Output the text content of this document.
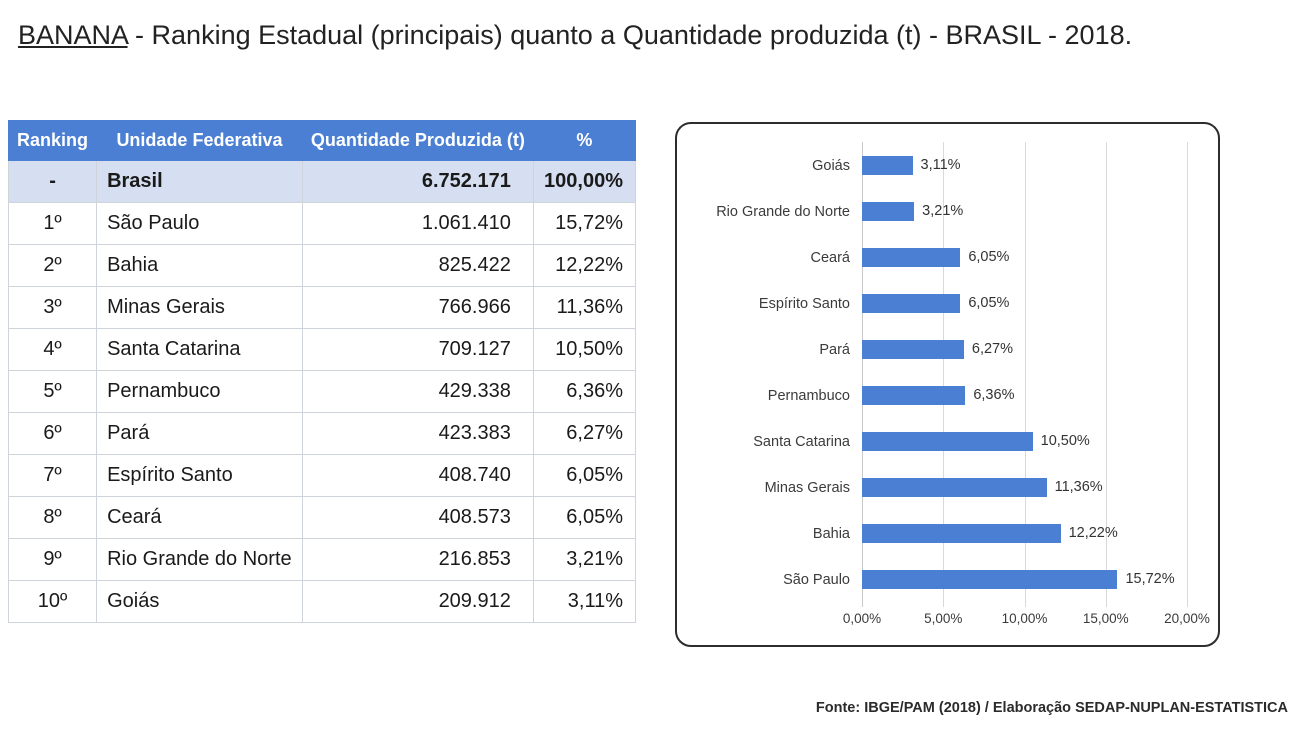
BANANA - Ranking Estadual (principais) quanto a Quantidade produzida (t) - BRASIL - 2018.
Ranking	Unidade Federativa	Quantidade Produzida (t)	%
-	Brasil	6.752.171	100,00%
1º	São Paulo	1.061.410	15,72%
2º	Bahia	825.422	12,22%
3º	Minas Gerais	766.966	11,36%
4º	Santa Catarina	709.127	10,50%
5º	Pernambuco	429.338	6,36%
6º	Pará	423.383	6,27%
7º	Espírito Santo	408.740	6,05%
8º	Ceará	408.573	6,05%
9º	Rio Grande do Norte	216.853	3,21%
10º	Goiás	209.912	3,11%
0,00%	5,00%	10,00%	15,00%	20,00%
Goiás	3,11%
Rio Grande do Norte	3,21%
Ceará	6,05%
Espírito Santo	6,05%
Pará	6,27%
Pernambuco	6,36%
Santa Catarina	10,50%
Minas Gerais	11,36%
Bahia	12,22%
São Paulo	15,72%
Fonte: IBGE/PAM (2018) / Elaboração SEDAP-NUPLAN-ESTATISTICA
